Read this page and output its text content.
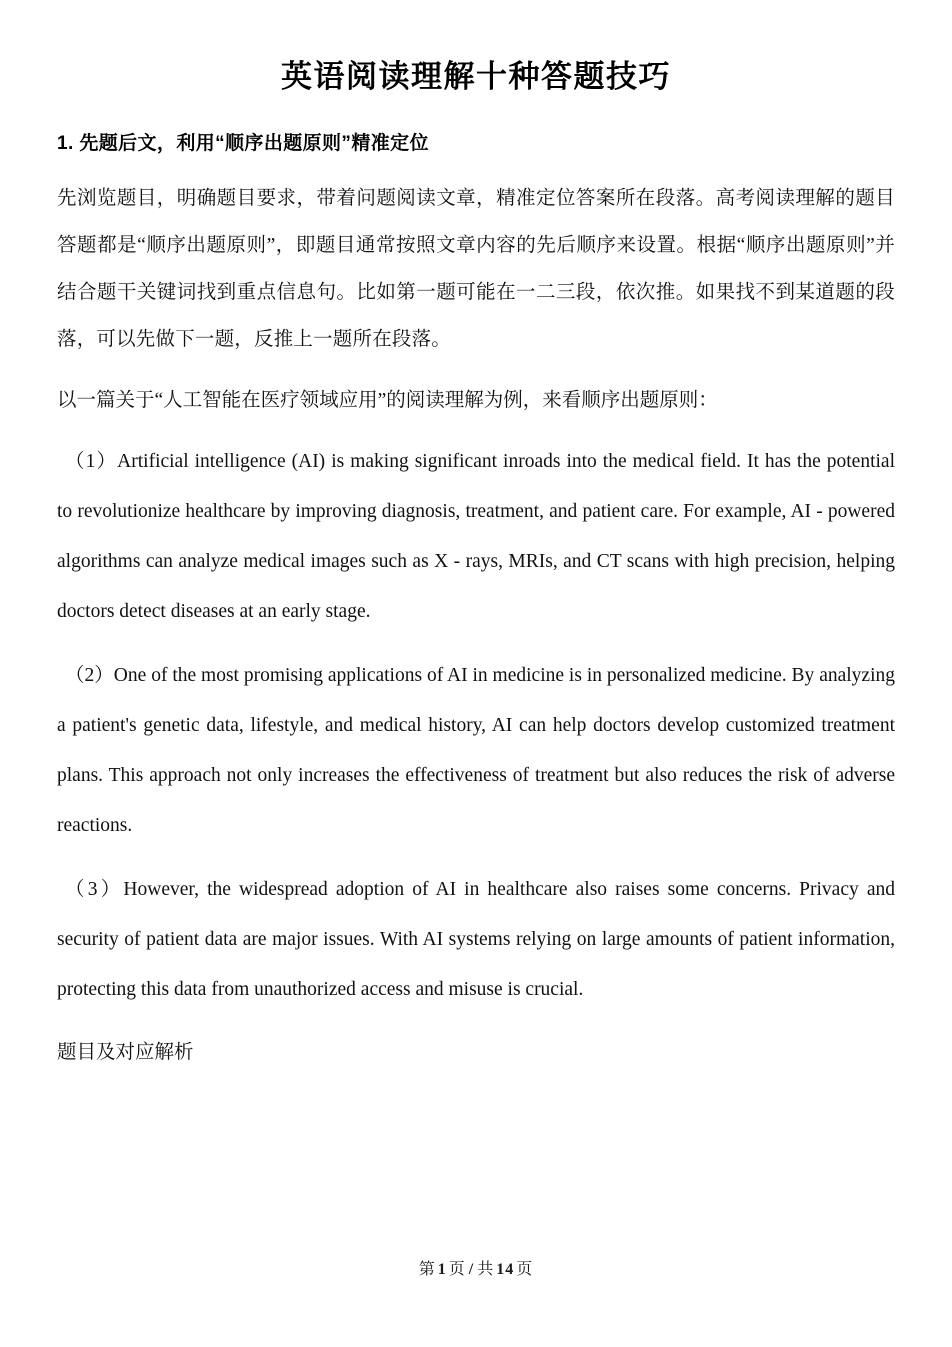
英语阅读理解十种答题技巧
1. 先题后文，利用“顺序出题原则”精准定位

先浏览题目，明确题目要求，带着问题阅读文章，精准定位答案所在段落。高考阅读理解的题目答题都是“顺序出题原则”，即题目通常按照文章内容的先后顺序来设置。根据“顺序出题原则”并结合题干关键词找到重点信息句。比如第一题可能在一二三段，依次推。如果找不到某道题的段落，可以先做下一题，反推上一题所在段落。

以一篇关于“人工智能在医疗领域应用”的阅读理解为例，来看顺序出题原则：

（1）Artificial intelligence (AI) is making significant inroads into the medical field. It has the potential to revolutionize healthcare by improving diagnosis, treatment, and patient care. For example, AI - powered algorithms can analyze medical images such as X - rays, MRIs, and CT scans with high precision, helping doctors detect diseases at an early stage.

（2）One of the most promising applications of AI in medicine is in personalized medicine. By analyzing a patient's genetic data, lifestyle, and medical history, AI can help doctors develop customized treatment plans. This approach not only increases the effectiveness of treatment but also reduces the risk of adverse reactions.

（3）However, the widespread adoption of AI in healthcare also raises some concerns. Privacy and security of patient data are major issues. With AI systems relying on large amounts of patient information, protecting this data from unauthorized access and misuse is crucial.

题目及对应解析

第 1 页 / 共 14 页
